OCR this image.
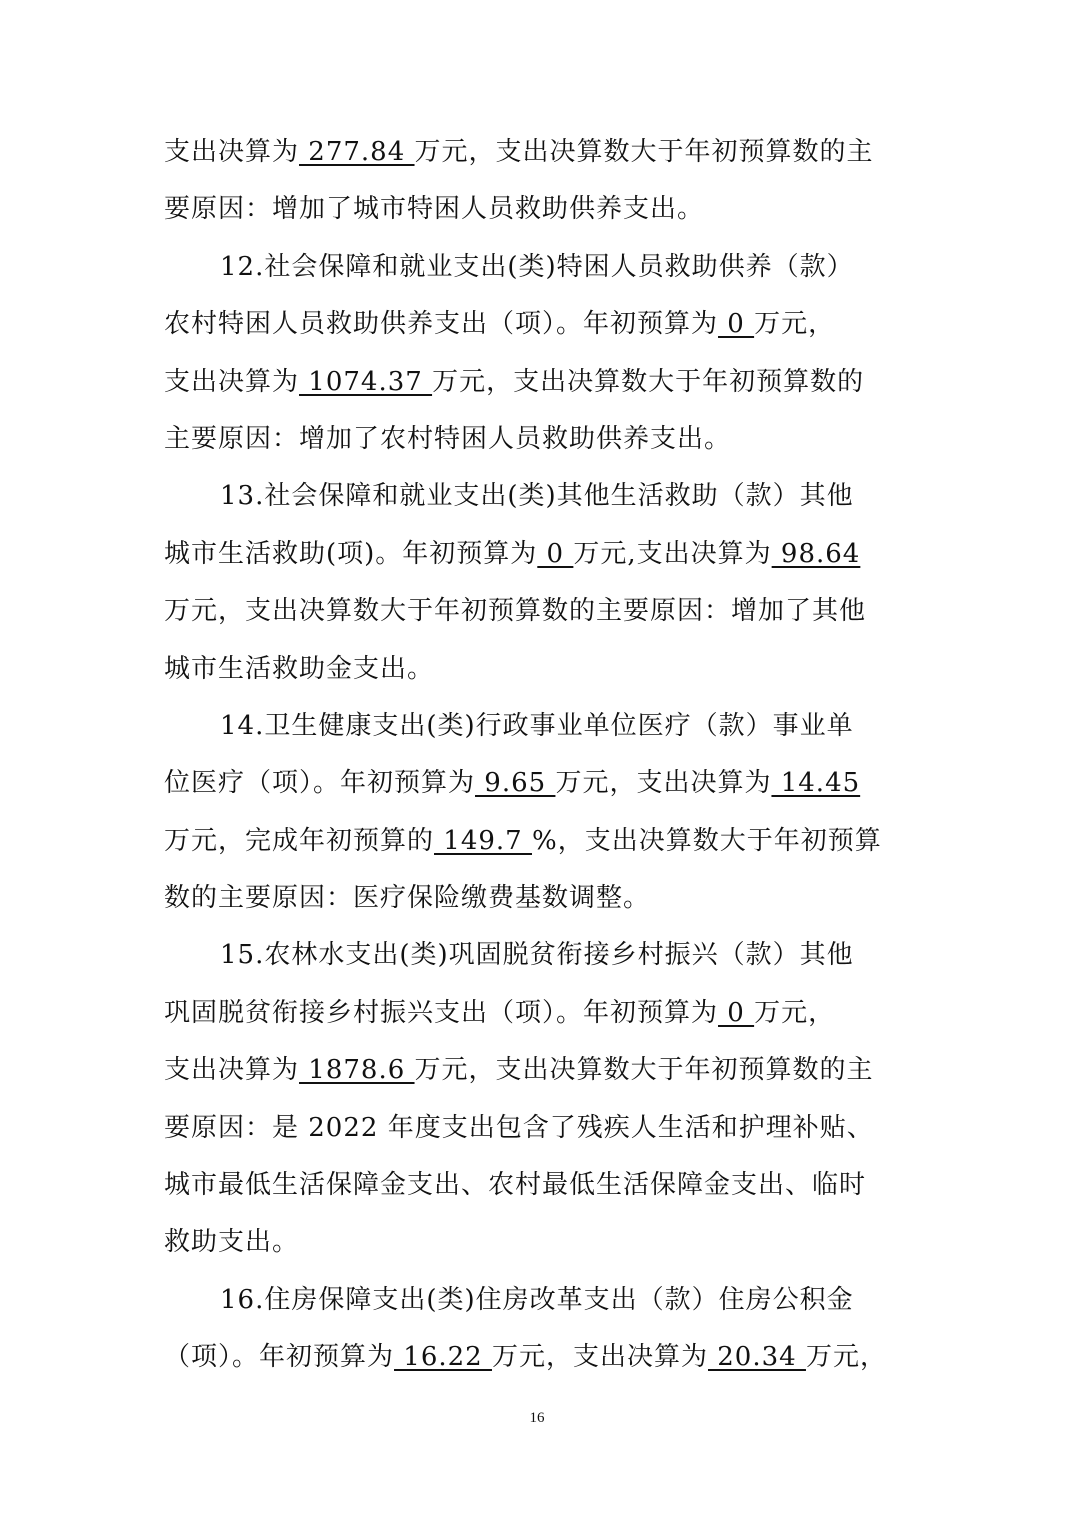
支出决算为 277.84 万元，支出决算数大于年初预算数的主
要原因：增加了城市特困人员救助供养支出。
12.社会保障和就业支出(类)特困人员救助供养（款）
农村特困人员救助供养支出（项）。年初预算为 0 万元，
支出决算为 1074.37 万元，支出决算数大于年初预算数的
主要原因：增加了农村特困人员救助供养支出。
13.社会保障和就业支出(类)其他生活救助（款）其他
城市生活救助(项)。年初预算为 0 万元,支出决算为 98.64
万元，支出决算数大于年初预算数的主要原因：增加了其他
城市生活救助金支出。
14.卫生健康支出(类)行政事业单位医疗（款）事业单
位医疗（项）。年初预算为 9.65 万元，支出决算为 14.45
万元，完成年初预算的 149.7 %，支出决算数大于年初预算
数的主要原因：医疗保险缴费基数调整。
15.农林水支出(类)巩固脱贫衔接乡村振兴（款）其他
巩固脱贫衔接乡村振兴支出（项）。年初预算为 0 万元，
支出决算为 1878.6 万元，支出决算数大于年初预算数的主
要原因：是 2022 年度支出包含了残疾人生活和护理补贴、
城市最低生活保障金支出、农村最低生活保障金支出、临时
救助支出。
16.住房保障支出(类)住房改革支出（款）住房公积金
（项）。年初预算为 16.22 万元，支出决算为 20.34 万元，
16
